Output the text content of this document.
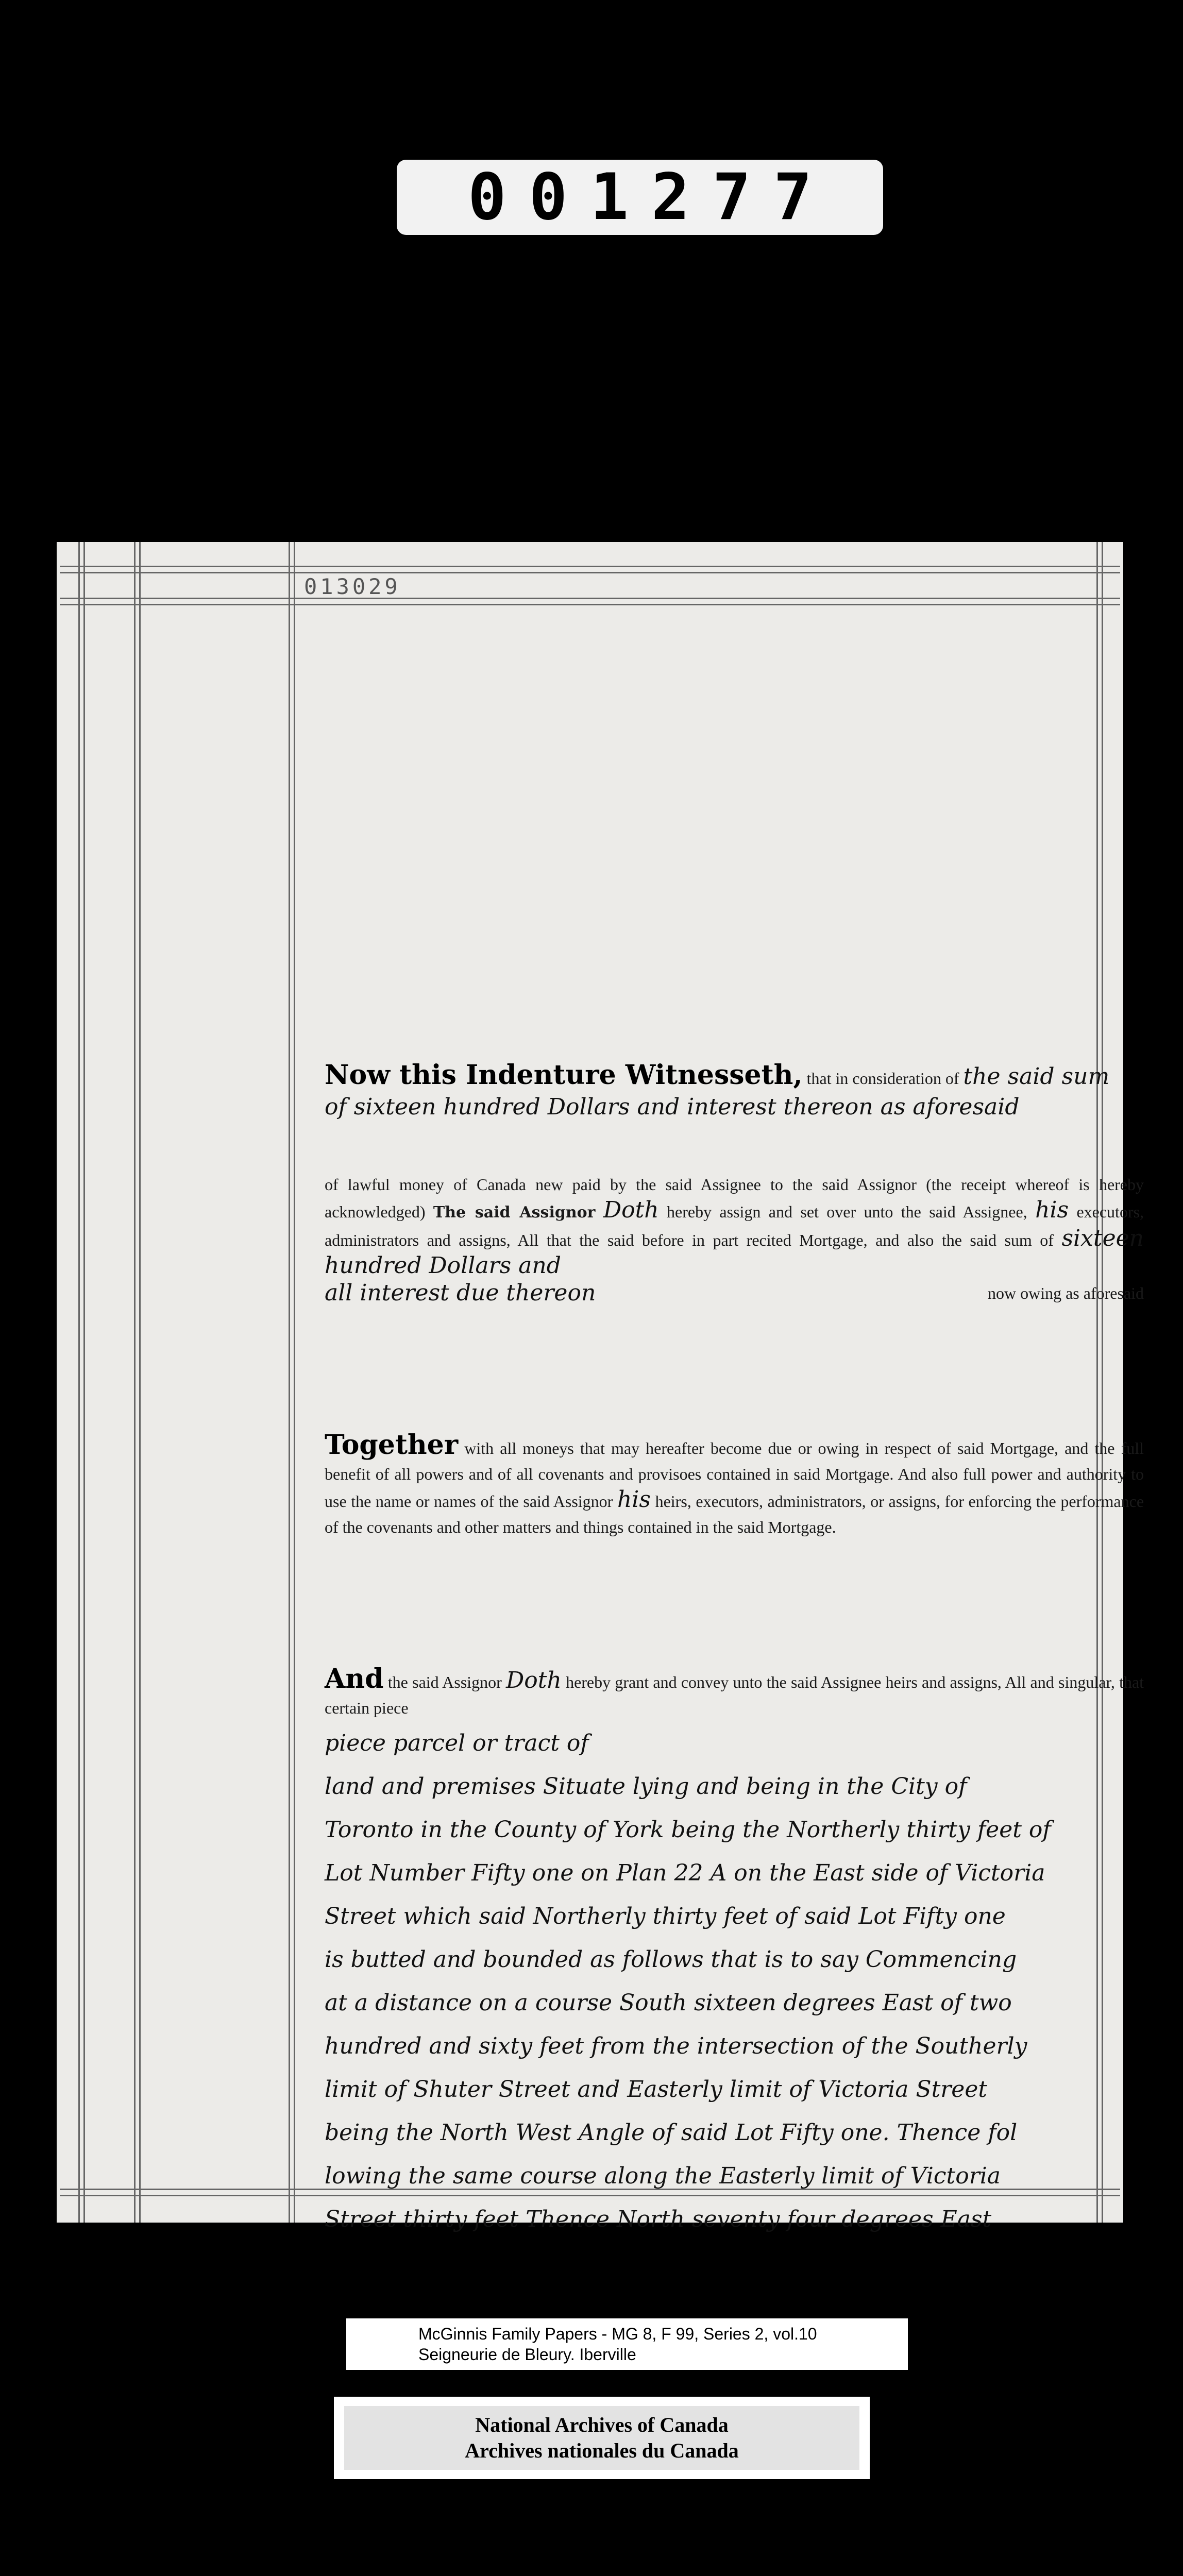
001277
013029
Now this Indenture Witnesseth, that in consideration of the said sum
of sixteen hundred Dollars and interest thereon as aforesaid
of lawful money of Canada new paid by the said Assignee to the said Assignor (the receipt whereof is hereby acknowledged) The said Assignor Doth hereby assign and set over unto the said Assignee, his executors, administrators and assigns, All that the said before in part recited Mortgage, and also the said sum of sixteen hundred Dollars and
all interest due thereon	now owing as aforesaid
Together with all moneys that may hereafter become due or owing in respect of said Mortgage, and the full benefit of all powers and of all covenants and provisoes contained in said Mortgage. And also full power and authority to use the name or names of the said Assignor his heirs, executors, administrators, or assigns, for enforcing the performance of the covenants and other matters and things contained in the said Mortgage.
And the said Assignor Doth hereby grant and convey unto the said Assignee heirs and assigns, All and singular, that certain piece
piece parcel or tract of
land and premises Situate lying and being in the City of
Toronto in the County of York being the Northerly thirty feet of
Lot Number Fifty one on Plan 22 A on the East side of Victoria
Street which said Northerly thirty feet of said Lot Fifty one
is butted and bounded as follows that is to say Commencing
at a distance on a course South sixteen degrees East of two
hundred and sixty feet from the intersection of the Southerly
limit of Shuter Street and Easterly limit of Victoria Street
being the North West Angle of said Lot Fifty one. Thence fol
lowing the same course along the Easterly limit of Victoria
Street thirty feet Thence North seventy four degrees East
McGinnis Family Papers - MG 8, F 99, Series 2, vol.10
Seigneurie de Bleury. Iberville
National Archives of Canada
Archives nationales du Canada
